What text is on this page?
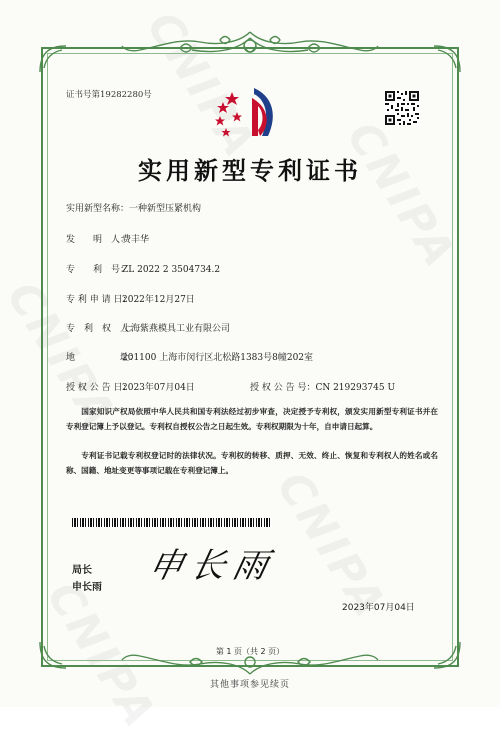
证书号第19282280号
实用新型专利证书
实用新型名称：一种新型压紧机构
发　　明　人：费丰华
专　　利　号：ZL 2022 2 3504734.2
专 利 申 请 日：2022年12月27日
专　利　权　人：上海紫燕模具工业有限公司
地　　　　　址：201100 上海市闵行区北松路1383号8幢202室
授 权 公 告 日：2023年07月04日	授 权 公 告 号：CN 219293745 U
国家知识产权局依照中华人民共和国专利法经过初步审查，决定授予专利权，颁发实用新型专利证书并在专利登记簿上予以登记。专利权自授权公告之日起生效。专利权期限为十年，自申请日起算。
专利证书记载专利权登记时的法律状况。专利权的转移、质押、无效、终止、恢复和专利权人的姓名或名称、国籍、地址变更等事项记载在专利登记簿上。
局长
申长雨
申长雨
2023年07月04日
第 1 页（共 2 页）
其他事项参见续页
